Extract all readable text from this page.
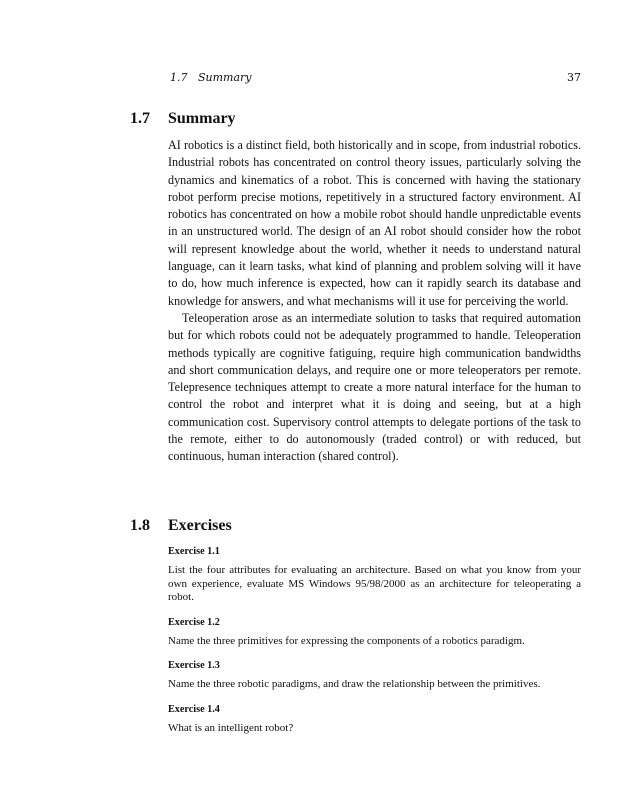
1.7   Summary	37
1.7 Summary

AI robotics is a distinct field, both historically and in scope, from industrial robotics. Industrial robots has concentrated on control theory issues, particularly solving the dynamics and kinematics of a robot. This is concerned with having the stationary robot perform precise motions, repetitively in a structured factory environment. AI robotics has concentrated on how a mobile robot should handle unpredictable events in an unstructured world. The design of an AI robot should consider how the robot will represent knowledge about the world, whether it needs to understand natural language, can it learn tasks, what kind of planning and problem solving will it have to do, how much inference is expected, how can it rapidly search its database and knowledge for answers, and what mechanisms will it use for perceiving the world.

Teleoperation arose as an intermediate solution to tasks that required automation but for which robots could not be adequately programmed to handle. Teleoperation methods typically are cognitive fatiguing, require high communication bandwidths and short communication delays, and require one or more teleoperators per remote. Telepresence techniques attempt to create a more natural interface for the human to control the robot and interpret what it is doing and seeing, but at a high communication cost. Supervisory control attempts to delegate portions of the task to the remote, either to do autonomously (traded control) or with reduced, but continuous, human interaction (shared control).

1.8 Exercises
Exercise 1.1
List the four attributes for evaluating an architecture. Based on what you know from your own experience, evaluate MS Windows 95/98/2000 as an architecture for teleoperating a robot.
Exercise 1.2
Name the three primitives for expressing the components of a robotics paradigm.
Exercise 1.3
Name the three robotic paradigms, and draw the relationship between the primitives.
Exercise 1.4
What is an intelligent robot?
